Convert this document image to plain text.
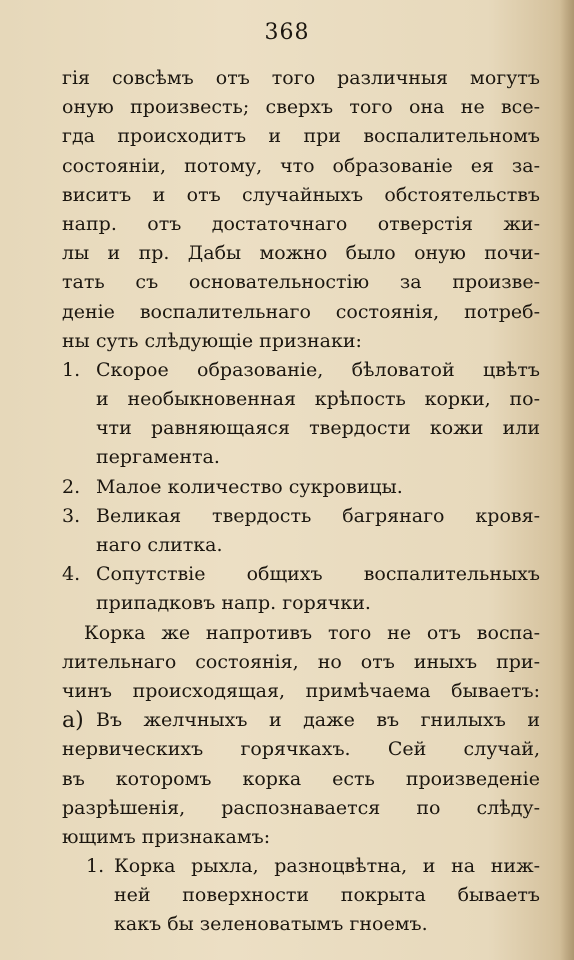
368
гія совсѣмъ отъ того различныя могутъ
оную произвесть; сверхъ того она не все-
гда происходитъ и при воспалительномъ
состояніи, потому, что образованіе ея за-
виситъ и отъ случайныхъ обстоятельствъ
напр. отъ достаточнаго отверстія жи-
лы и пр. Дабы можно было оную почи-
тать съ основательностію за произве-
деніе воспалительнаго состоянія, потреб-
ны суть слѣдующіе признаки:
1. Скорое образованіе, бѣловатой цвѣтъ
и необыкновенная крѣпость корки, по-
чти равняющаяся твердости кожи или
пергамента.
2. Малое количество сукровицы.
3. Великая твердость багрянаго кровя-
наго слитка.
4. Сопутствіе общихъ воспалительныхъ
припадковъ напр. горячки.
Корка же напротивъ того не отъ воспа-
лительнаго состоянія, но отъ иныхъ при-
чинъ происходящая, примѣчаема бываетъ:
а) Въ желчныхъ и даже въ гнилыхъ и
нервическихъ горячкахъ. Сей случай,
въ которомъ корка есть произведеніе
разрѣшенія, распознавается по слѣду-
ющимъ признакамъ:
1. Корка рыхла, разноцвѣтна, и на ниж-
ней поверхности покрыта бываетъ
какъ бы зеленоватымъ гноемъ.
